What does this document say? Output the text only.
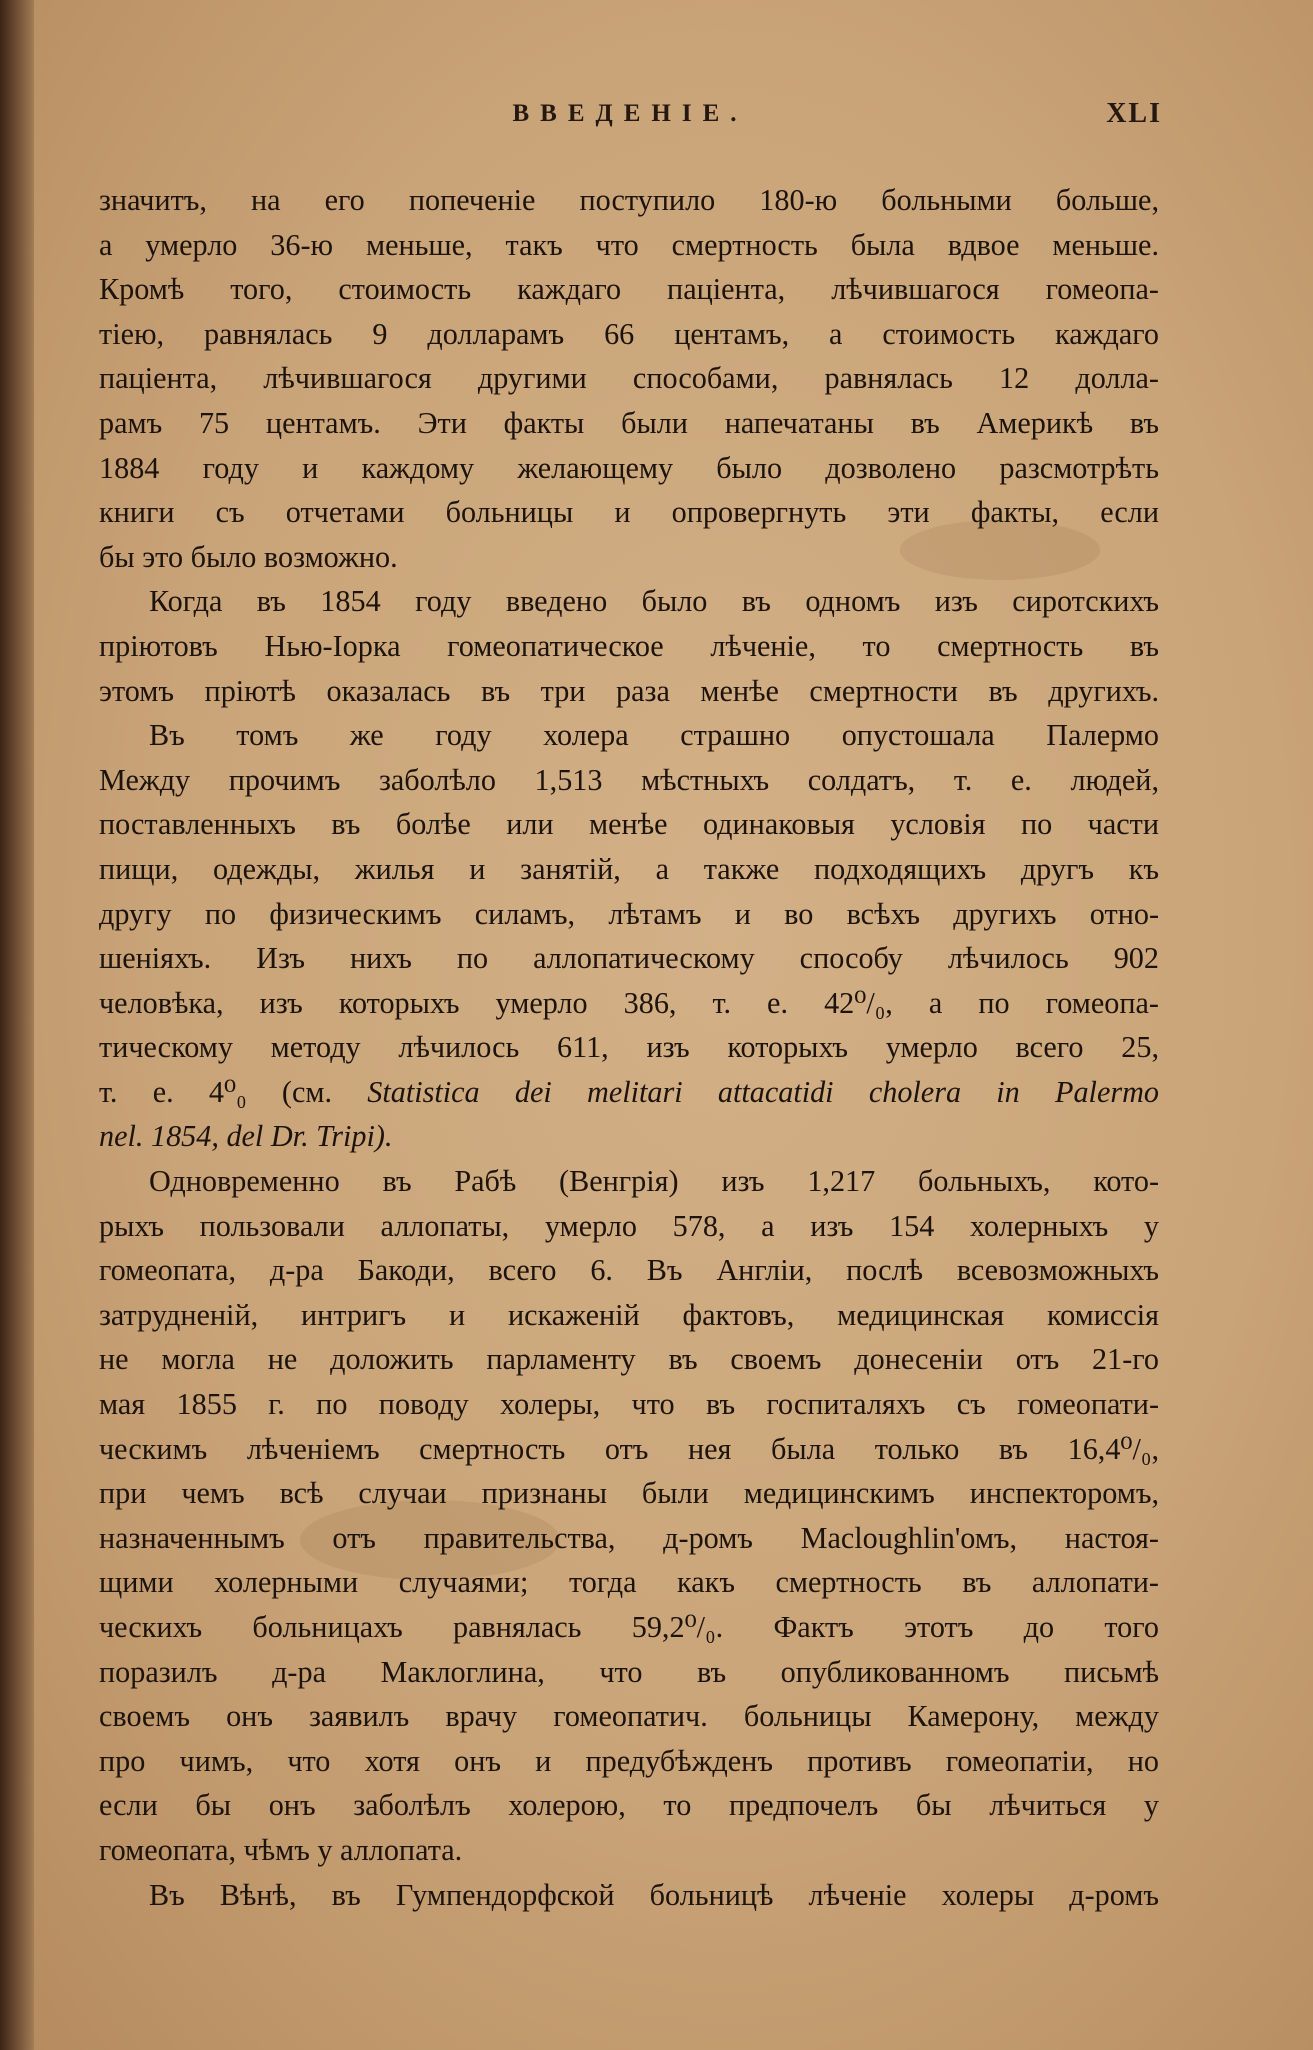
ВВЕДЕНІЕ.	XLI
значитъ, на его попеченіе поступило 180-ю больными больше,
а умерло 36-ю меньше, такъ что смертность была вдвое меньше.
Кромѣ того, стоимость каждаго паціента, лѣчившагося гомеопа-
тіею, равнялась 9 долларамъ 66 центамъ, а стоимость каждаго
паціента, лѣчившагося другими способами, равнялась 12 долла-
рамъ 75 центамъ. Эти факты были напечатаны въ Америкѣ въ
1884 году и каждому желающему было дозволено разсмотрѣть
книги съ отчетами больницы и опровергнуть эти факты, если
бы это было возможно.
Когда въ 1854 году введено было въ одномъ изъ сиротскихъ
пріютовъ Нью-Іорка гомеопатическое лѣченіе, то смертность въ
этомъ пріютѣ оказалась въ три раза менѣе смертности въ другихъ.
Въ томъ же году холера страшно опустошала Палермо
Между прочимъ заболѣло 1,513 мѣстныхъ солдатъ, т. е. людей,
поставленныхъ въ болѣе или менѣе одинаковыя условія по части
пищи, одежды, жилья и занятій, а также подходящихъ другъ къ
другу по физическимъ силамъ, лѣтамъ и во всѣхъ другихъ отно-
шеніяхъ. Изъ нихъ по аллопатическому способу лѣчилось 902
человѣка, изъ которыхъ умерло 386, т. е. 42⁰/₀, а по гомеопа-
тическому методу лѣчилось 611, изъ которыхъ умерло всего 25,
т. е. 4⁰₀ (см. Statistica dei melitari attacatidi cholera in Palermo
nel. 1854, del Dr. Tripi).
Одновременно въ Рабѣ (Венгрія) изъ 1,217 больныхъ, кото-
рыхъ пользовали аллопаты, умерло 578, а изъ 154 холерныхъ у
гомеопата, д-ра Бакоди, всего 6. Въ Англіи, послѣ всевозможныхъ
затрудненій, интригъ и искаженій фактовъ, медицинская комиссія
не могла не доложить парламенту въ своемъ донесеніи отъ 21-го
мая 1855 г. по поводу холеры, что въ госпиталяхъ съ гомеопати-
ческимъ лѣченіемъ смертность отъ нея была только въ 16,4⁰/₀,
при чемъ всѣ случаи признаны были медицинскимъ инспекторомъ,
назначеннымъ отъ правительства, д-ромъ Macloughlin'омъ, настоя-
щими холерными случаями; тогда какъ смертность въ аллопати-
ческихъ больницахъ равнялась 59,2⁰/₀. Фактъ этотъ до того
поразилъ д-ра Маклоглина, что въ опубликованномъ письмѣ
своемъ онъ заявилъ врачу гомеопатич. больницы Камерону, между
про чимъ, что хотя онъ и предубѣжденъ противъ гомеопатіи, но
если бы онъ заболѣлъ холерою, то предпочелъ бы лѣчиться у
гомеопата, чѣмъ у аллопата.
Въ Вѣнѣ, въ Гумпендорфской больницѣ лѣченіе холеры д-ромъ
